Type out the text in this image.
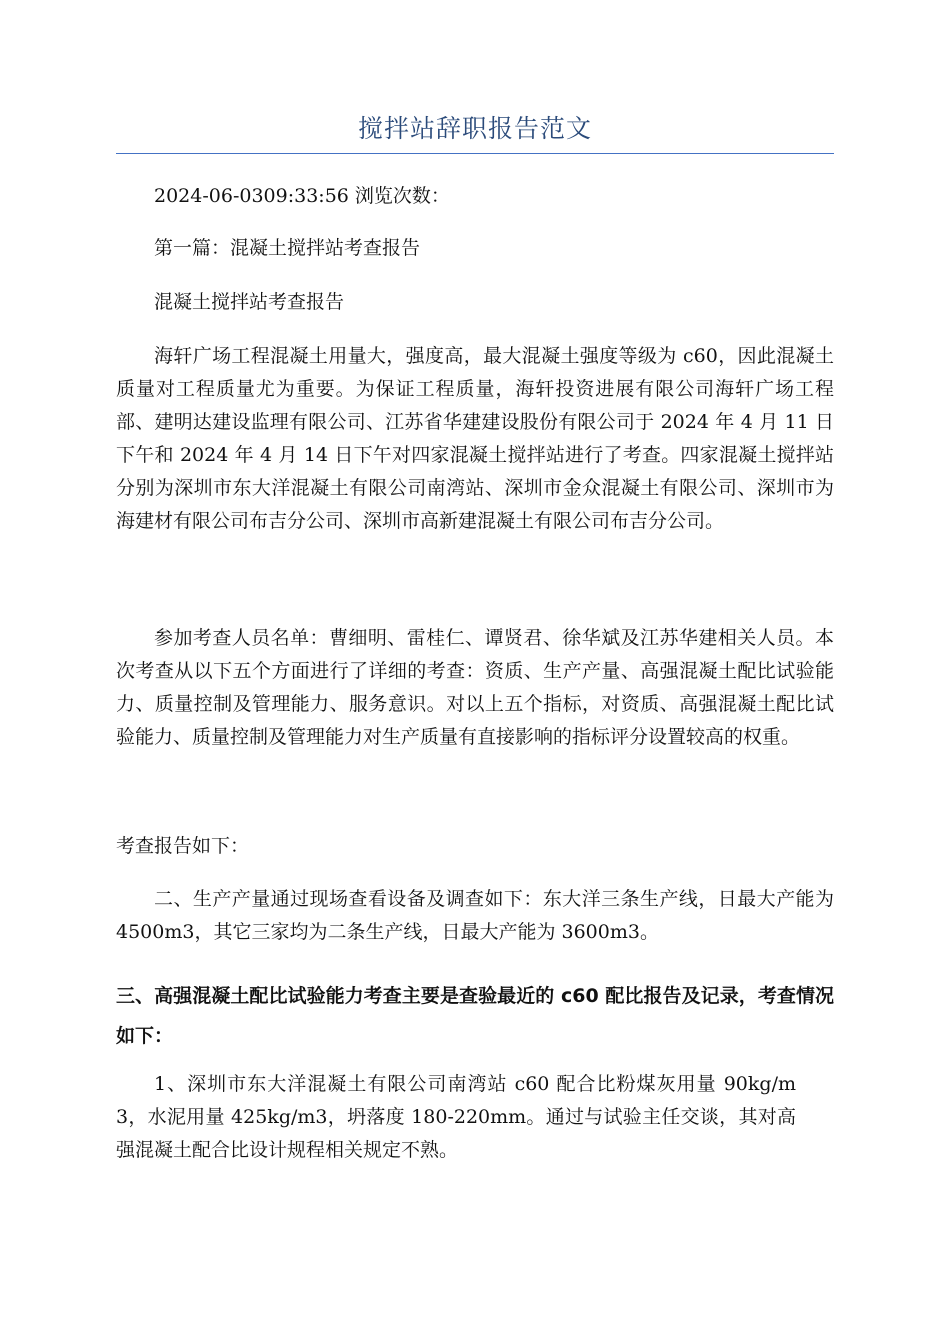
搅拌站辞职报告范文

2024-06-0309:33:56 浏览次数：

第一篇：混凝土搅拌站考查报告

混凝土搅拌站考查报告

海轩广场工程混凝土用量大，强度高，最大混凝土强度等级为 c60，因此混凝土质量对工程质量尤为重要。为保证工程质量，海轩投资进展有限公司海轩广场工程部、建明达建设监理有限公司、江苏省华建建设股份有限公司于 2024 年 4 月 11 日下午和 2024 年 4 月 14 日下午对四家混凝土搅拌站进行了考查。四家混凝土搅拌站分别为深圳市东大洋混凝土有限公司南湾站、深圳市金众混凝土有限公司、深圳市为海建材有限公司布吉分公司、深圳市高新建混凝土有限公司布吉分公司。

参加考查人员名单：曹细明、雷桂仁、谭贤君、徐华斌及江苏华建相关人员。本次考查从以下五个方面进行了详细的考查：资质、生产产量、高强混凝土配比试验能力、质量控制及管理能力、服务意识。对以上五个指标，对资质、高强混凝土配比试验能力、质量控制及管理能力对生产质量有直接影响的指标评分设置较高的权重。

考查报告如下：

二、生产产量通过现场查看设备及调查如下：东大洋三条生产线，日最大产能为 4500m3，其它三家均为二条生产线，日最大产能为 3600m3。

三、高强混凝土配比试验能力考查主要是查验最近的 c60 配比报告及记录，考查情况如下：

1、深圳市东大洋混凝土有限公司南湾站 c60 配合比粉煤灰用量 90kg/m3，水泥用量 425kg/m3，坍落度 180-220mm。通过与试验主任交谈，其对高强混凝土配合比设计规程相关规定不熟。
